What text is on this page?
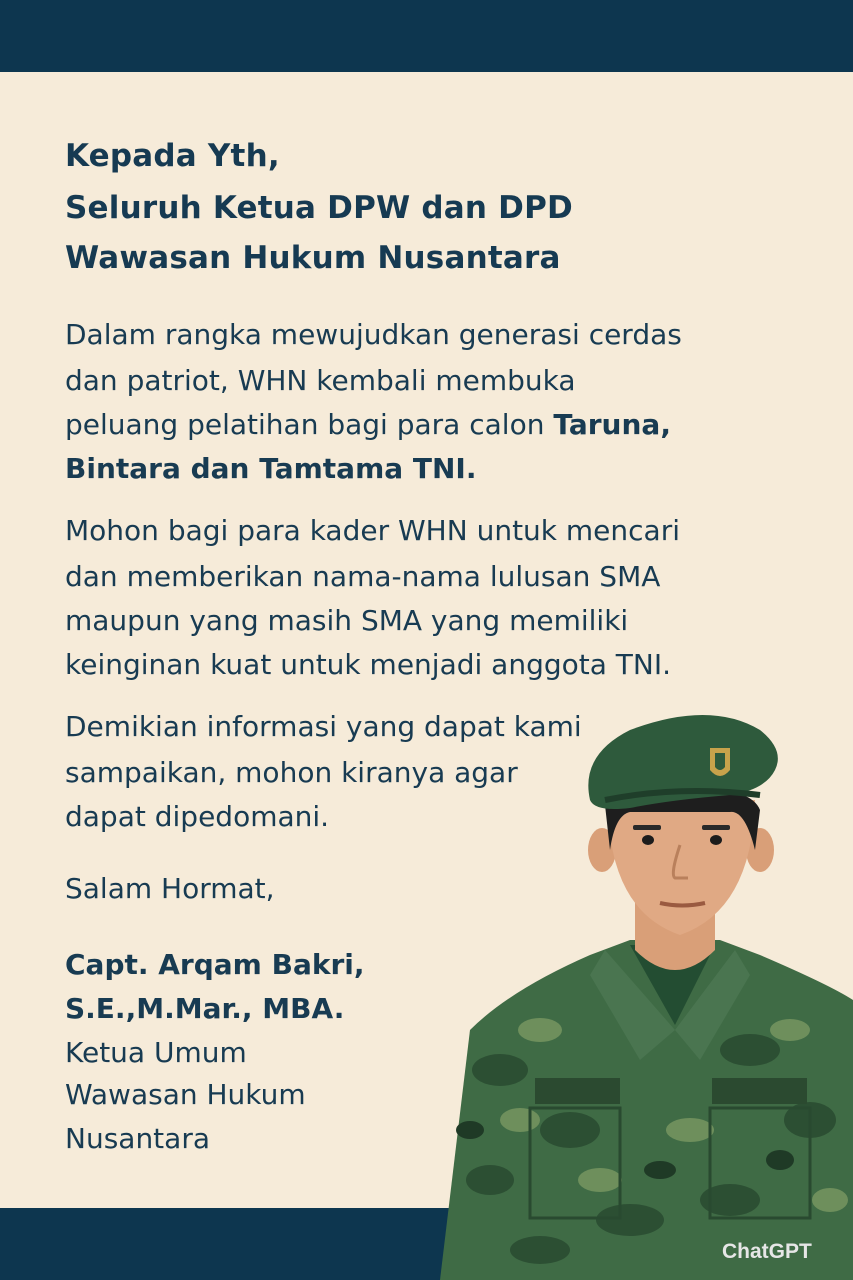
Kepada Yth,
Seluruh Ketua DPW dan DPD
Wawasan Hukum Nusantara
Dalam rangka mewujudkan generasi cerdas
dan patriot, WHN kembali membuka
peluang pelatihan bagi para calon Taruna,
Bintara dan Tamtama TNI.
Mohon bagi para kader WHN untuk mencari
dan memberikan nama-nama lulusan SMA
maupun yang masih SMA yang memiliki
keinginan kuat untuk menjadi anggota TNI.
Demikian informasi yang dapat kami
sampaikan, mohon kiranya agar
dapat dipedomani.
Salam Hormat,
Capt. Arqam Bakri,
S.E.,M.Mar., MBA.
Ketua Umum
Wawasan Hukum
Nusantara
ChatGPT
